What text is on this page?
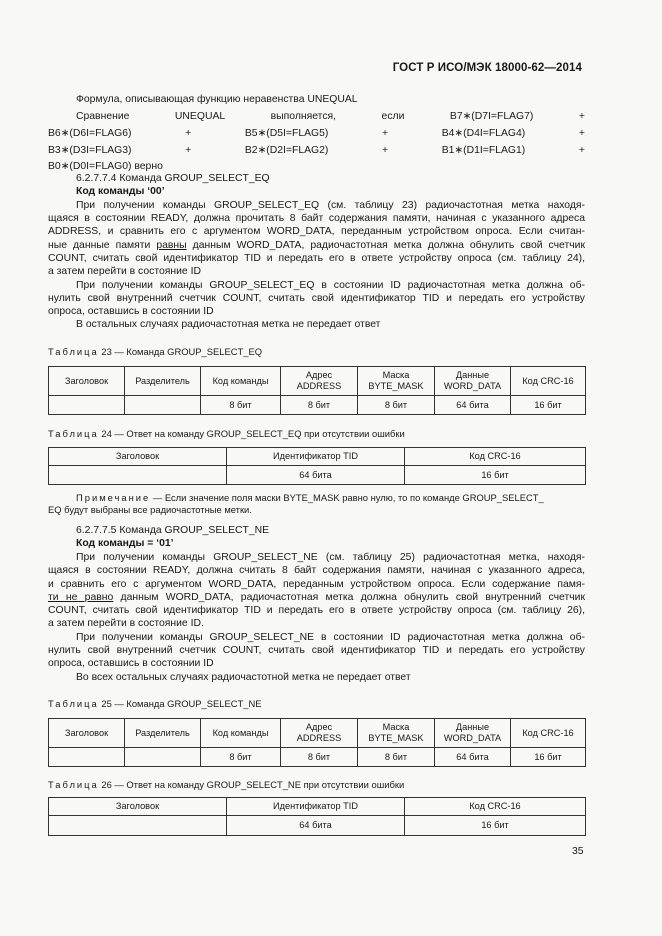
ГОСТ Р ИСО/МЭК 18000-62—2014
Формула, описывающая функцию неравенства UNEQUAL
Сравнение	UNEQUAL	выполняется,	если	B7∗(D7I=FLAG7)	+
B6∗(D6I=FLAG6)	+	B5∗(D5I=FLAG5)	+	B4∗(D4I=FLAG4)	+
B3∗(D3I=FLAG3)	+	B2∗(D2I=FLAG2)	+	B1∗(D1I=FLAG1)	+
B0∗(D0I=FLAG0) верно
6.2.7.7.4 Команда GROUP_SELECT_EQ
Код команды ‘00’
При получении команды GROUP_SELECT_EQ (см. таблицу 23) радиочастотная метка находя-
щаяся в состоянии READY, должна прочитать 8 байт содержания памяти, начиная с указанного адреса
ADDRESS, и сравнить его с аргументом WORD_DATA, переданным устройством опроса. Если считан-
ные данные памяти равны данным WORD_DATA, радиочастотная метка должна обнулить свой счетчик
COUNT, считать свой идентификатор TID и передать его в ответе устройству опроса (см. таблицу 24),
а затем перейти в состояние ID
При получении команды GROUP_SELECT_EQ в состоянии ID радиочастотная метка должна об-
нулить свой внутренний счетчик COUNT, считать свой идентификатор TID и передать его устройству
опроса, оставшись в состоянии ID
В остальных случаях радиочастотная метка не передает ответ
Таблица 23 — Команда GROUP_SELECT_EQ
Заголовок	Разделитель	Код команды	Адрес
ADDRESS	Маска
BYTE_MASK	Данные
WORD_DATA	Код CRC-16
		8 бит	8 бит	8 бит	64 бита	16 бит
Таблица 24 — Ответ на команду GROUP_SELECT_EQ при отсутствии ошибки
Заголовок	Идентификатор TID	Код CRC-16
	64 бита	16 бит
Примечание — Если значение поля маски BYTE_MASK равно нулю, то по команде GROUP_SELECT_
EQ будут выбраны все радиочастотные метки.
6.2.7.7.5 Команда GROUP_SELECT_NE
Код команды = ‘01’
При получении команды GROUP_SELECT_NE (см. таблицу 25) радиочастотная метка, находя-
щаяся в состоянии READY, должна считать 8 байт содержания памяти, начиная с указанного адреса,
и сравнить его с аргументом WORD_DATA, переданным устройством опроса. Если содержание памя-
ти не равно данным WORD_DATA, радиочастотная метка должна обнулить свой внутренний счетчик
COUNT, считать свой идентификатор TID и передать его в ответе устройству опроса (см. таблицу 26),
а затем перейти в состояние ID.
При получении команды GROUP_SELECT_NE в состоянии ID радиочастотная метка должна об-
нулить свой внутренний счетчик COUNT, считать свой идентификатор TID и передать его устройству
опроса, оставшись в состоянии ID
Во всех остальных случаях радиочастотной метка не передает ответ
Таблица 25 — Команда GROUP_SELECT_NE
Заголовок	Разделитель	Код команды	Адрес
ADDRESS	Маска
BYTE_MASK	Данные
WORD_DATA	Код CRC-16
		8 бит	8 бит	8 бит	64 бита	16 бит
Таблица 26 — Ответ на команду GROUP_SELECT_NE при отсутствии ошибки
Заголовок	Идентификатор TID	Код CRC-16
	64 бита	16 бит
35
